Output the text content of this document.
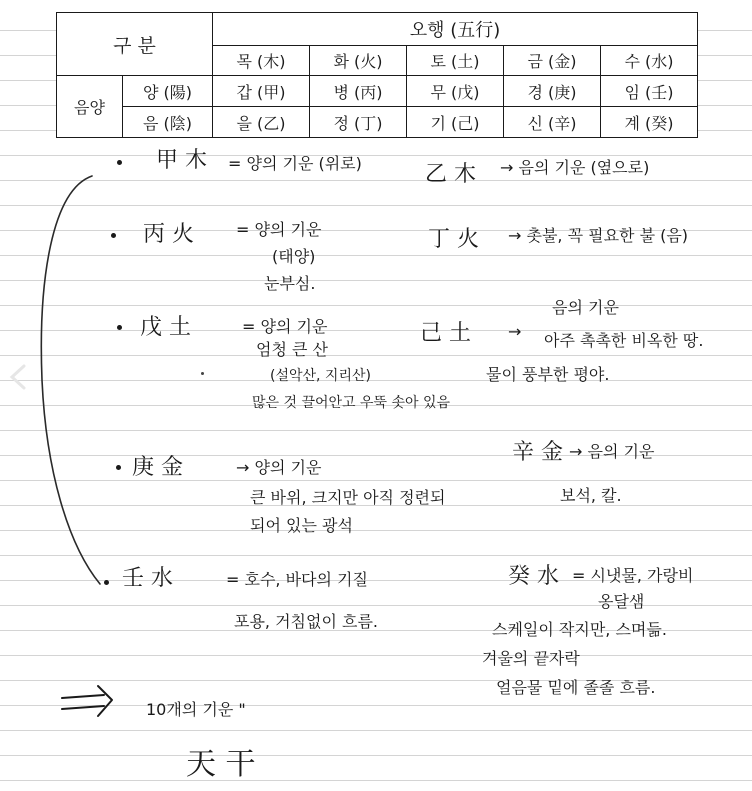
구 분		오행 (五行)				
		목 (木)	화 (火)	토 (土)	금 (金)	수 (水)
음양	양 (陽)	갑 (甲)	병 (丙)	무 (戊)	경 (庚)	임 (壬)
	음 (陰)	을 (乙)	정 (丁)	기 (己)	신 (辛)	계 (癸)
甲 木 = 양의 기운 (위로)	乙 木 → 음의 기운 (옆으로)
丙 火	= 양의 기운
(태양)
눈부심.
丁 火 → 촛불, 꼭 필요한 불 (음)
戊 土	= 양의 기운
엄청 큰 산
(설악산, 지리산)
많은 것 끌어안고 우뚝 솟아 있음
己 土 →
음의 기운
아주 촉촉한 비옥한 땅.
물이 풍부한 평야.
庚 金	→ 양의 기운
큰 바위, 크지만 아직 정련되
되어 있는 광석
辛 金 → 음의 기운
보석, 칼.
壬 水	= 호수, 바다의 기질
포용, 거침없이 흐름.
癸 水 = 시냇물, 가랑비
옹달샘
스케일이 작지만, 스며듦.
겨울의 끝자락
얼음물 밑에 졸졸 흐름.
10개의 기운 "
天 干
